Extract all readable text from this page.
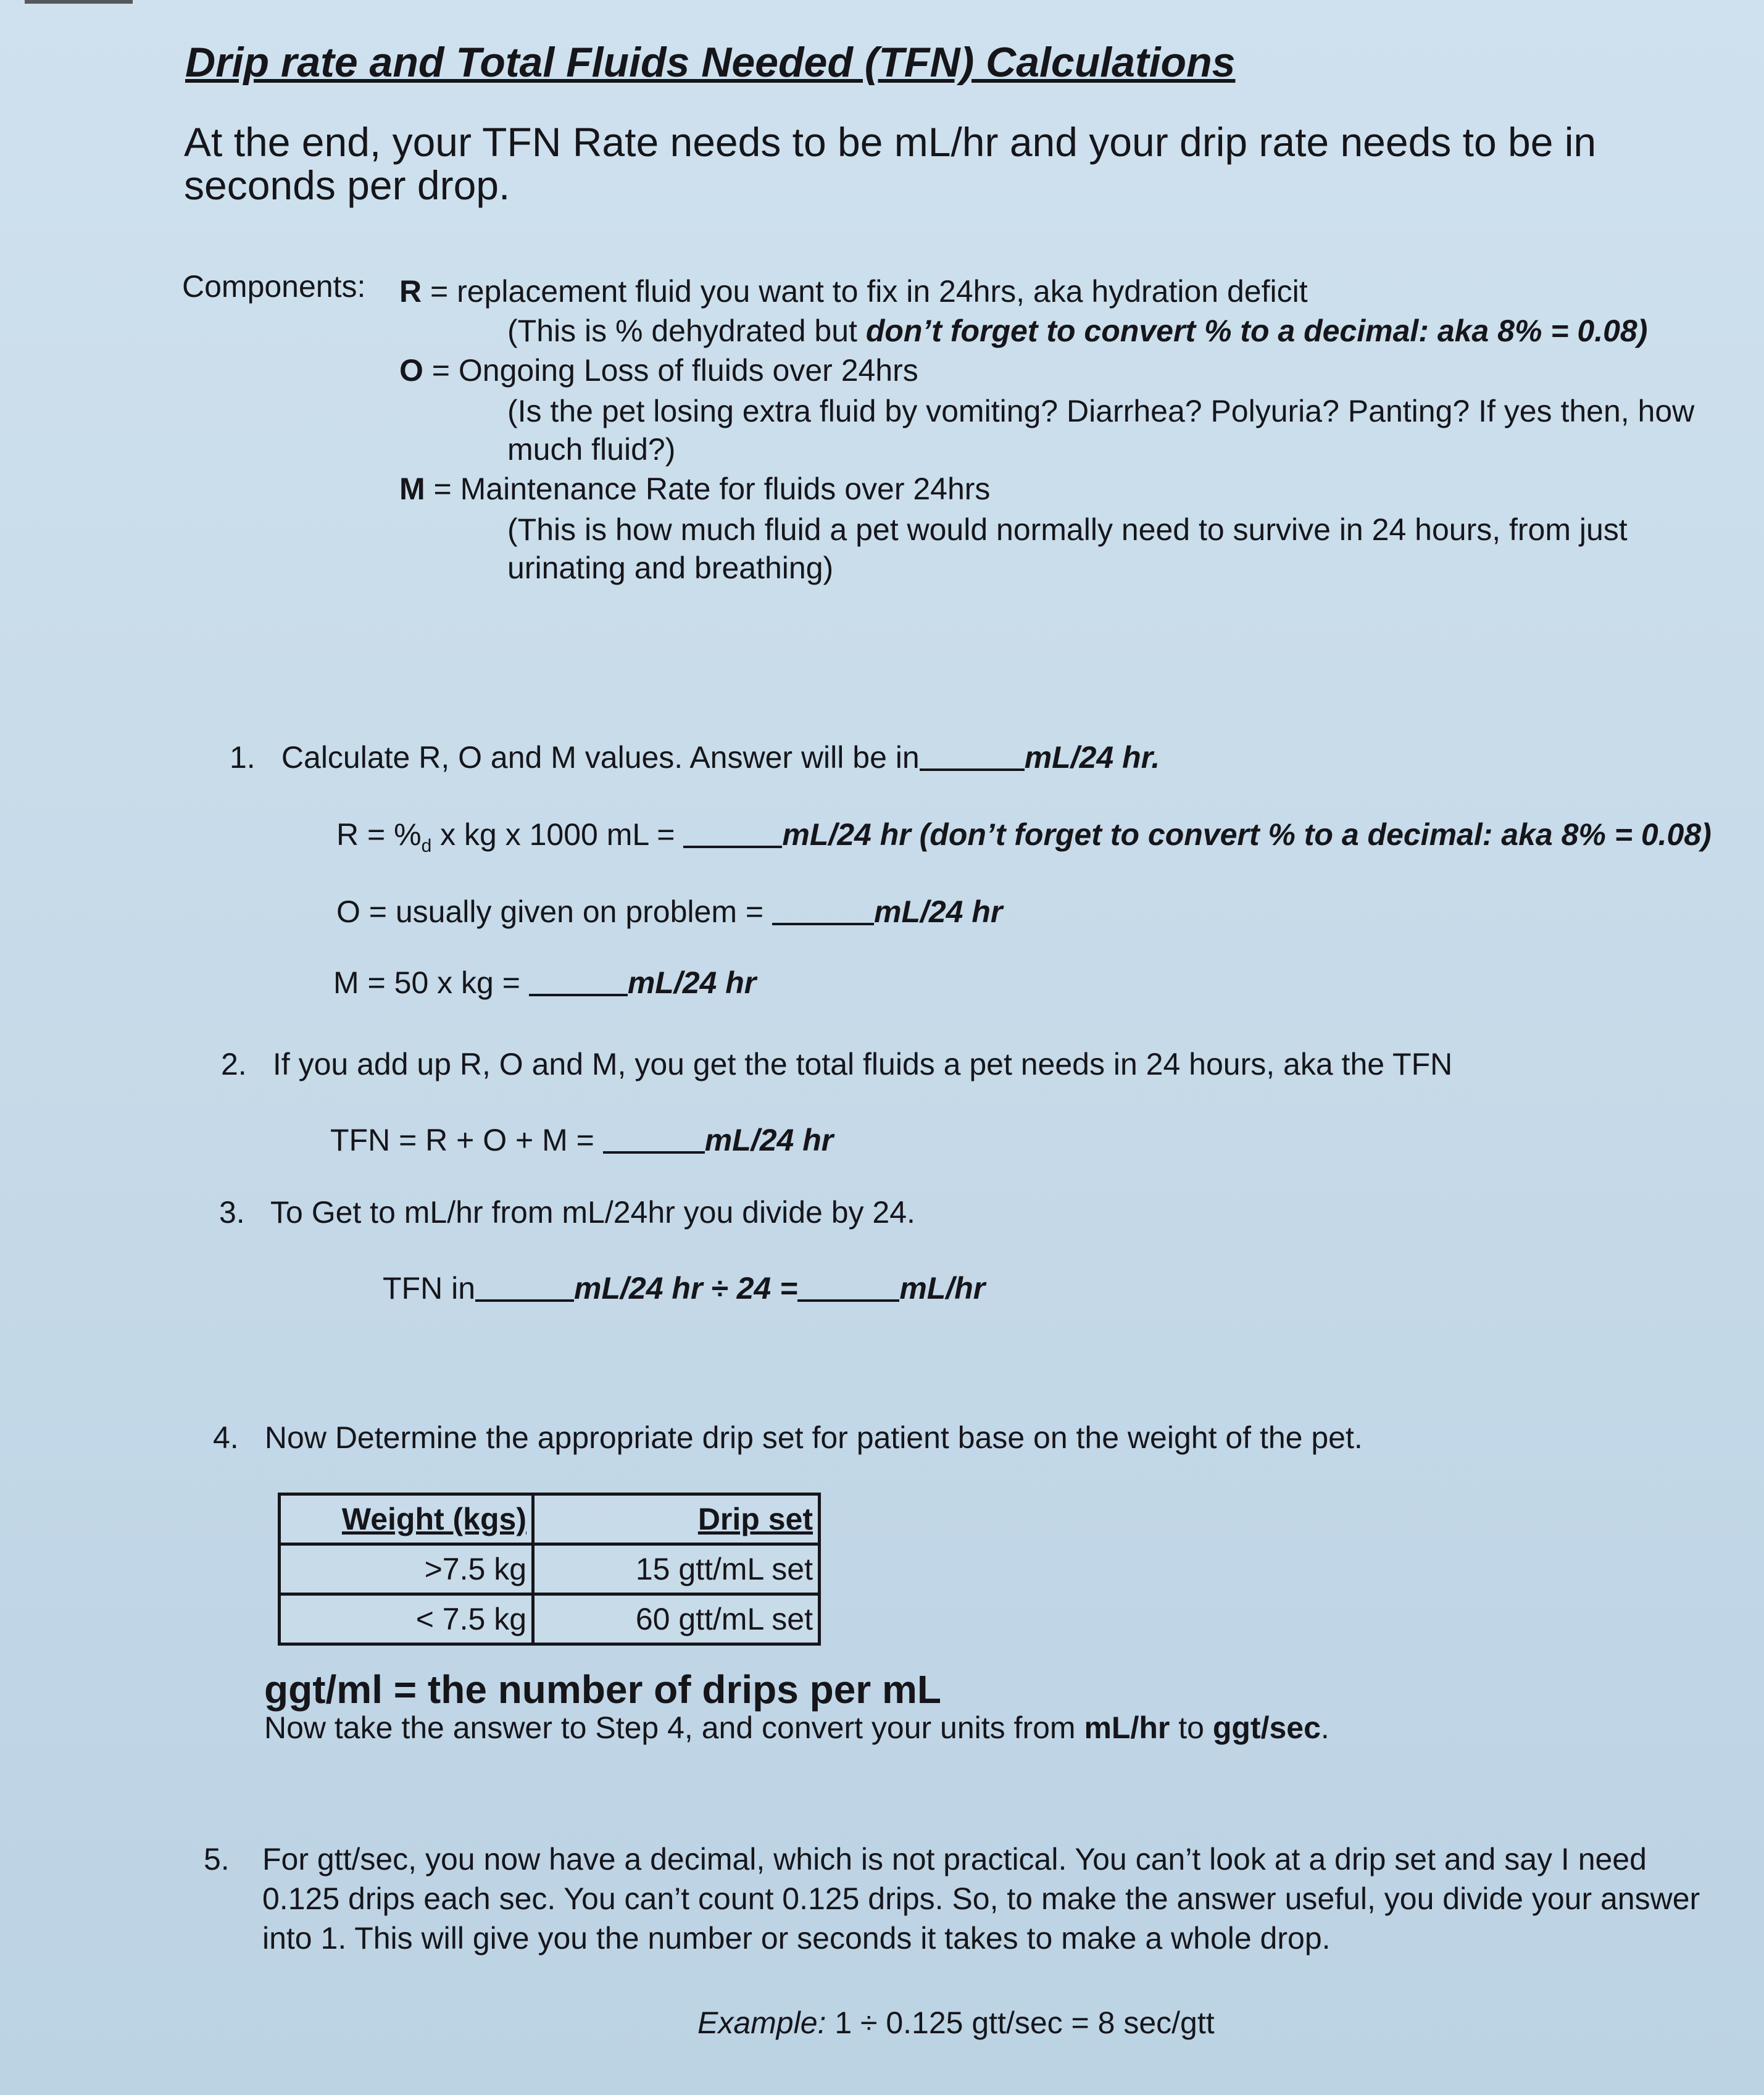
Drip rate and Total Fluids Needed (TFN) Calculations

At the end, your TFN Rate needs to be mL/hr and your drip rate needs to be in seconds per drop.

Components: R = replacement fluid you want to fix in 24hrs, aka hydration deficit
(This is % dehydrated but don’t forget to convert % to a decimal: aka 8% = 0.08)
O = Ongoing Loss of fluids over 24hrs
(Is the pet losing extra fluid by vomiting? Diarrhea? Polyuria? Panting? If yes then, how much fluid?)
M = Maintenance Rate for fluids over 24hrs
(This is how much fluid a pet would normally need to survive in 24 hours, from just urinating and breathing)
1. Calculate R, O and M values. Answer will be in	mL/24 hr.
$R = \%_d$ x kg x 1000 mL =	mL/24 hr (don’t forget to convert % to a decimal: aka 8% = 0.08)
O = usually given on problem =	mL/24 hr
M = 50 x kg =	mL/24 hr
2. If you add up R, O and M, you get the total fluids a pet needs in 24 hours, aka the TFN
TFN = R + O + M =	mL/24 hr
3. To Get to mL/hr from mL/24hr you divide by 24.
TFN in	mL/24 hr ÷ 24 =	mL/hr
4. Now Determine the appropriate drip set for patient base on the weight of the pet.
Weight (kgs)	Drip set
>7.5 kg	15 gtt/mL set
< 7.5 kg	60 gtt/mL set
ggt/ml = the number of drips per mL
Now take the answer to Step 4, and convert your units from mL/hr to ggt/sec.
5. For gtt/sec, you now have a decimal, which is not practical. You can’t look at a drip set and say I need 0.125 drips each sec. You can’t count 0.125 drips. So, to make the answer useful, you divide your answer into 1. This will give you the number or seconds it takes to make a whole drop.
Example: 1 ÷ 0.125 gtt/sec = 8 sec/gtt
